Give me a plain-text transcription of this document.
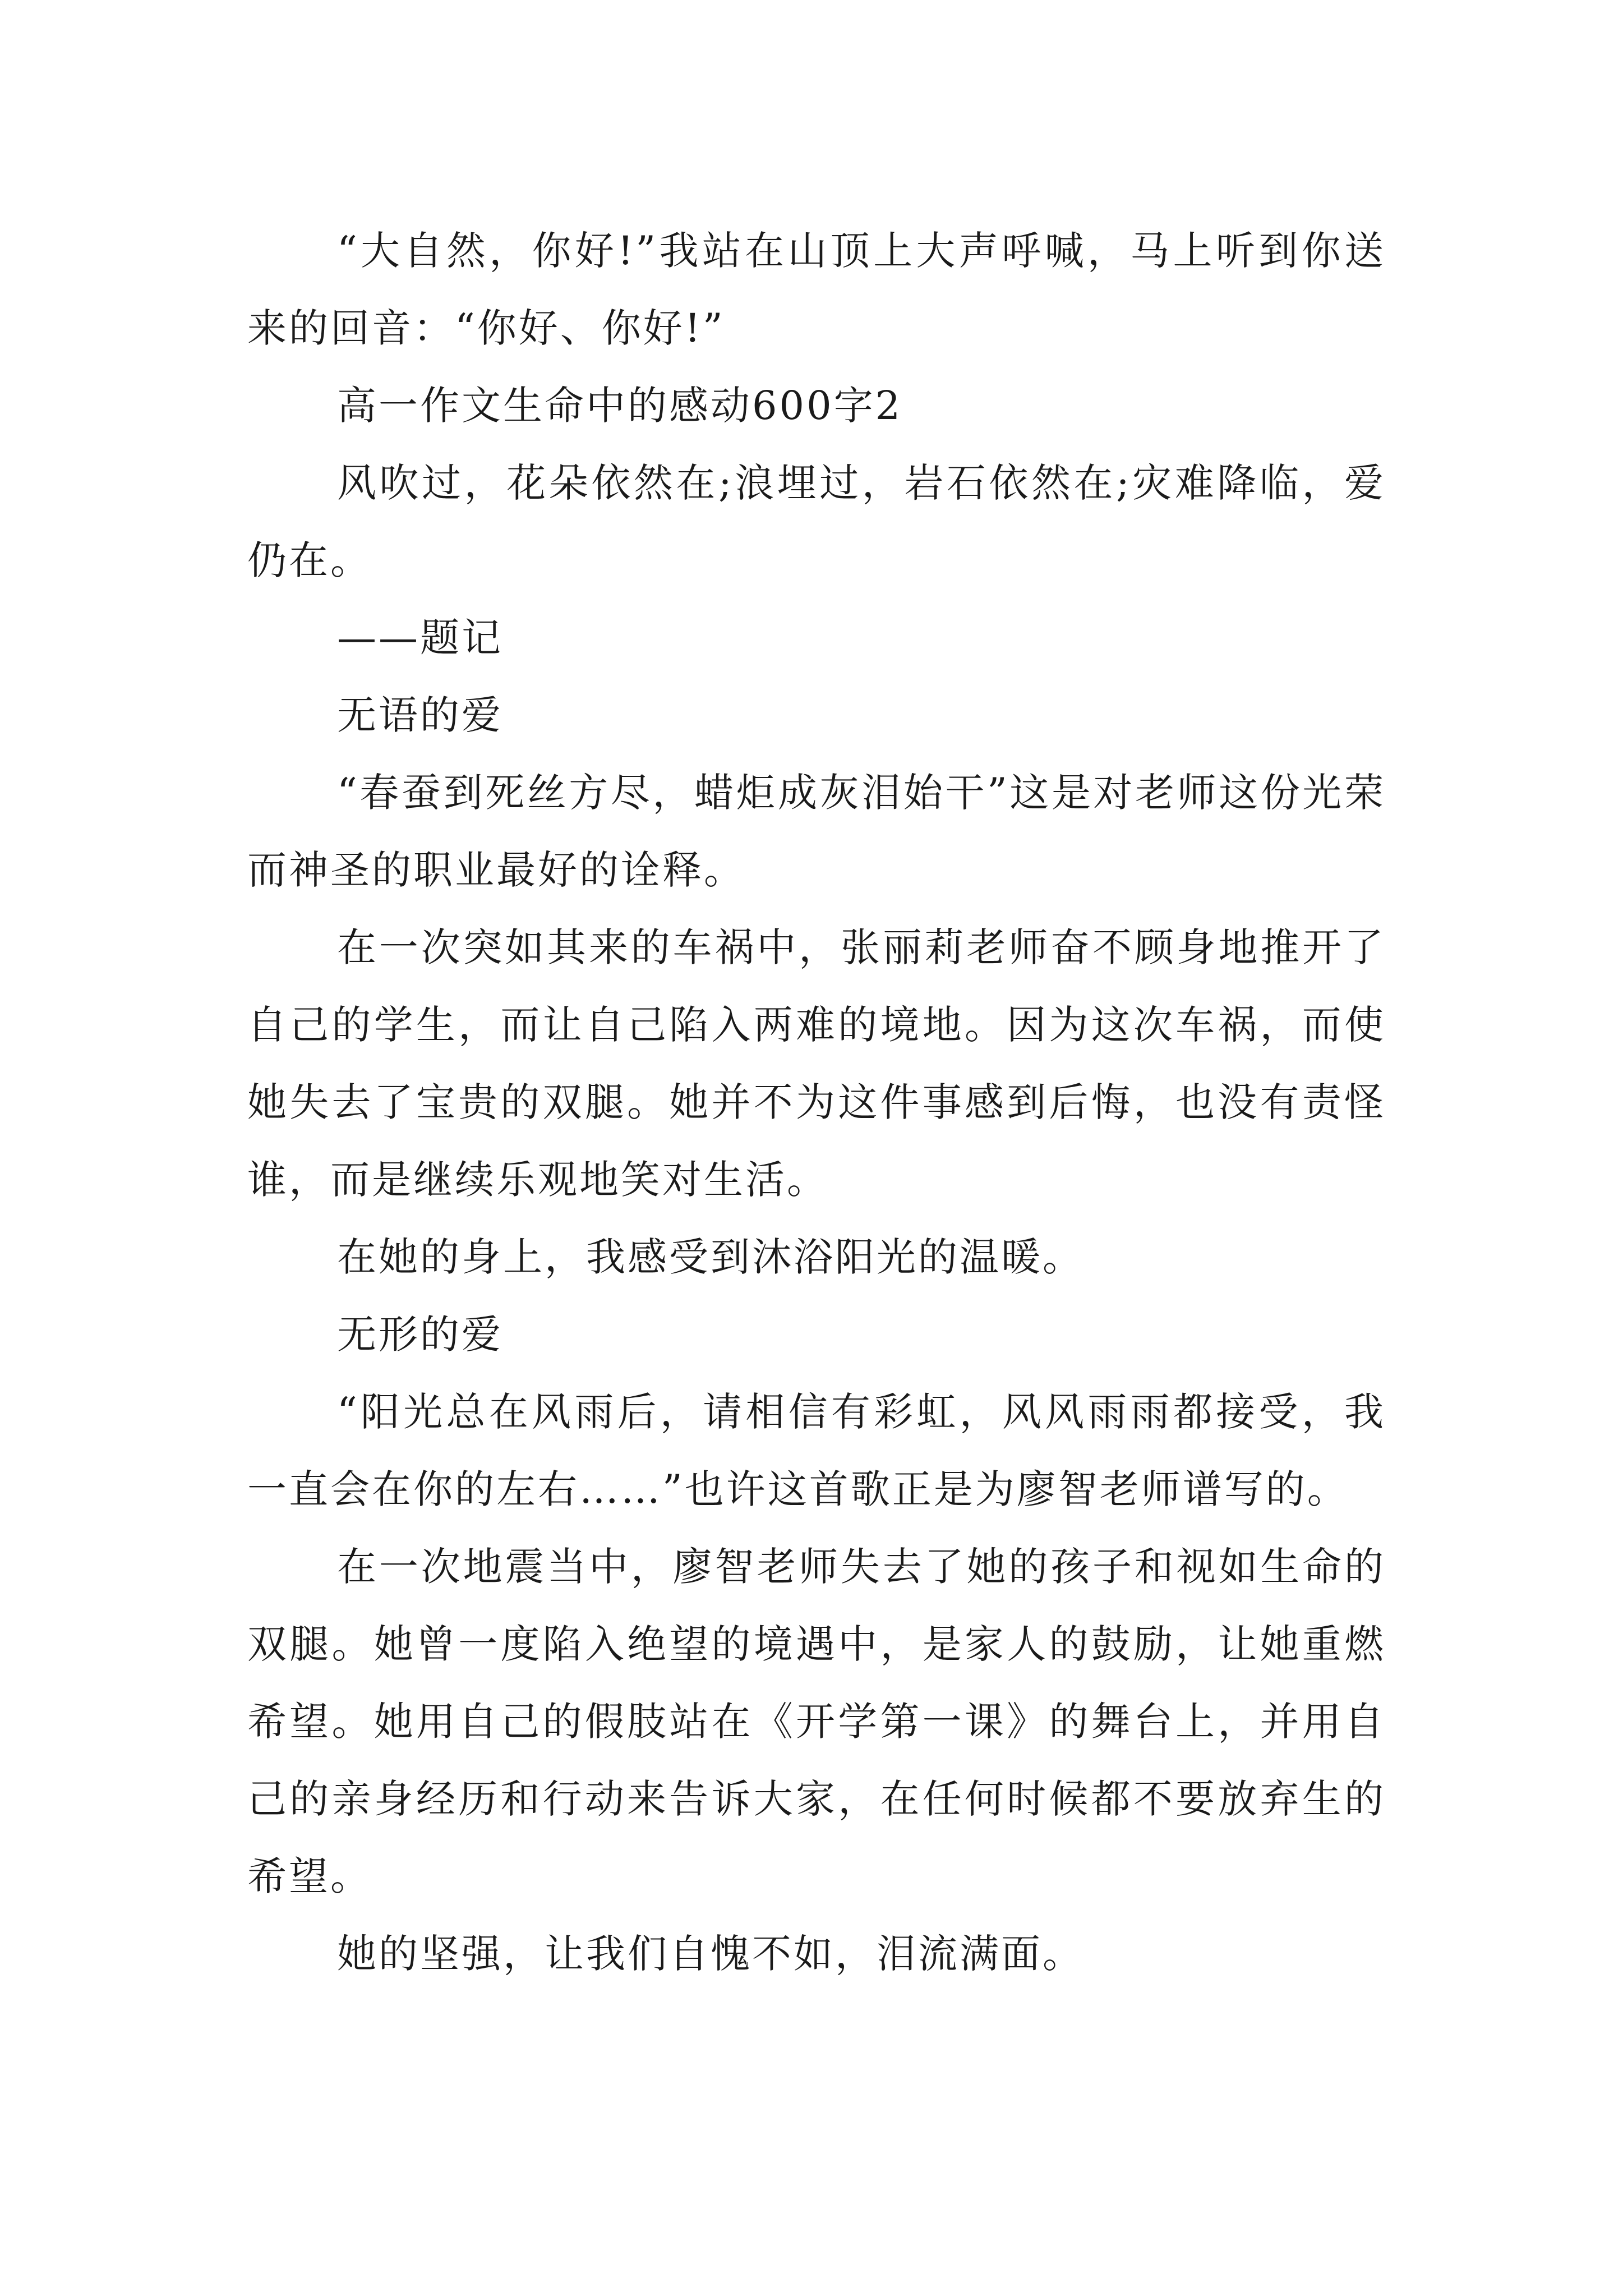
“大自然，你好!”我站在山顶上大声呼喊，马上听到你送来的回音：“你好、你好!”

高一作文生命中的感动600字2

风吹过，花朵依然在;浪埋过，岩石依然在;灾难降临，爱仍在。

——题记

无语的爱

“春蚕到死丝方尽，蜡炬成灰泪始干”这是对老师这份光荣而神圣的职业最好的诠释。

在一次突如其来的车祸中，张丽莉老师奋不顾身地推开了自己的学生，而让自己陷入两难的境地。因为这次车祸，而使她失去了宝贵的双腿。她并不为这件事感到后悔，也没有责怪谁，而是继续乐观地笑对生活。

在她的身上，我感受到沐浴阳光的温暖。

无形的爱

“阳光总在风雨后，请相信有彩虹，风风雨雨都接受，我一直会在你的左右……”也许这首歌正是为廖智老师谱写的。

在一次地震当中，廖智老师失去了她的孩子和视如生命的双腿。她曾一度陷入绝望的境遇中，是家人的鼓励，让她重燃希望。她用自己的假肢站在《开学第一课》的舞台上，并用自己的亲身经历和行动来告诉大家，在任何时候都不要放弃生的希望。

她的坚强，让我们自愧不如，泪流满面。
